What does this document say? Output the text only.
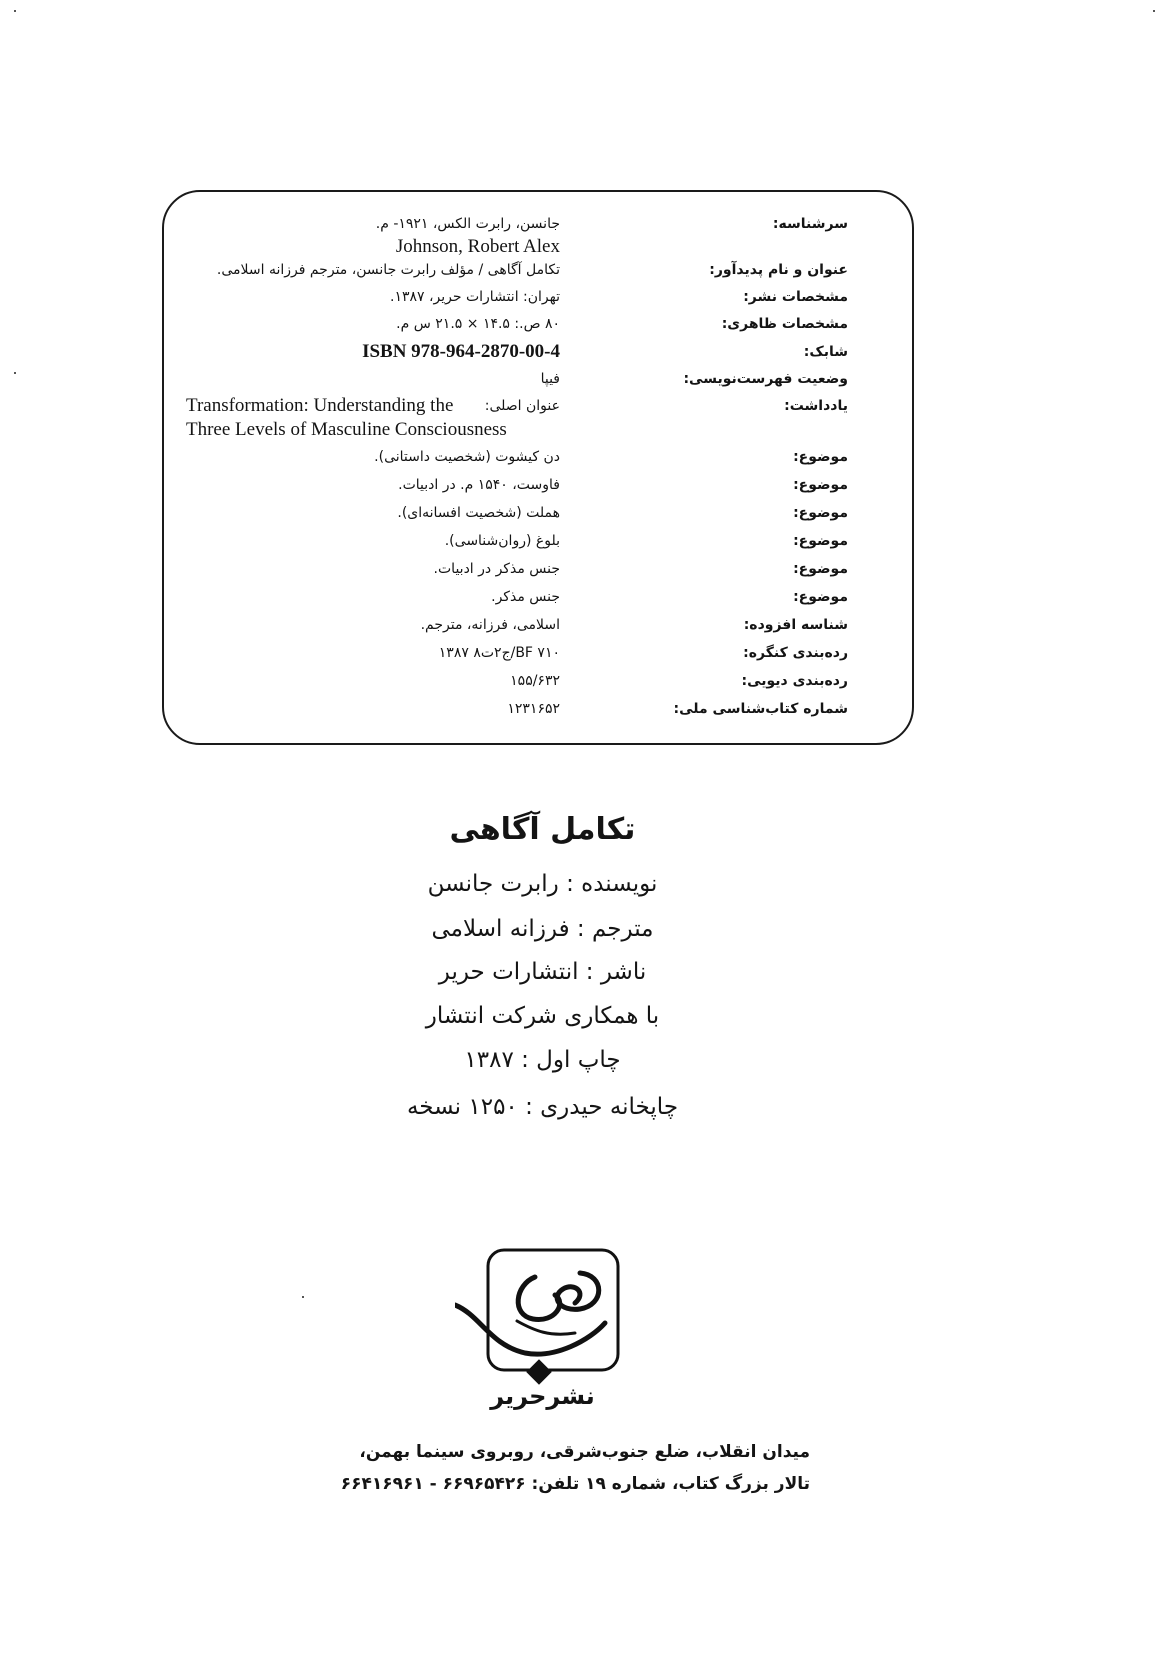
سرشناسه:
جانسن، رابرت الکس، ۱۹۲۱- م.
Johnson, Robert Alex
عنوان و نام پدیدآور:
تکامل آگاهی / مؤلف رابرت جانسن، مترجم فرزانه اسلامی.
مشخصات نشر:
تهران: انتشارات حریر، ۱۳۸۷.
مشخصات ظاهری:
۸۰ ص.: ۱۴.۵ × ۲۱.۵ س م.
شابک:
ISBN 978-964-2870-00-4
وضعیت فهرست‌نویسی:
فیپا
یادداشت:
عنوان اصلی:
Transformation: Understanding the
Three Levels of Masculine Consciousness
موضوع:
دن کیشوت (شخصیت داستانی).
موضوع:
فاوست، ۱۵۴۰ م. در ادبیات.
موضوع:
هملت (شخصیت افسانه‌ای).
موضوع:
بلوغ (روان‌شناسی).
موضوع:
جنس مذکر در ادبیات.
موضوع:
جنس مذکر.
شناسه افزوده:
اسلامی، فرزانه، مترجم.
رده‌بندی کنگره:
BF ۷۱۰/ج۲ت۸ ۱۳۸۷
رده‌بندی دیویی:
۱۵۵/۶۳۲
شماره کتاب‌شناسی ملی:
۱۲۳۱۶۵۲
تکامل آگاهی
نویسنده : رابرت جانسن
مترجم : فرزانه اسلامی
ناشر : انتشارات حریر
با همکاری شرکت انتشار
چاپ اول : ۱۳۸۷
چاپخانه حیدری : ۱۲۵۰ نسخه
نشرحریر
میدان انقلاب، ضلع جنوب‌شرقی، روبروی سینما بهمن،
تالار بزرگ کتاب، شماره ۱۹ تلفن: ۶۶۹۶۵۴۲۶ - ۶۶۴۱۶۹۶۱
